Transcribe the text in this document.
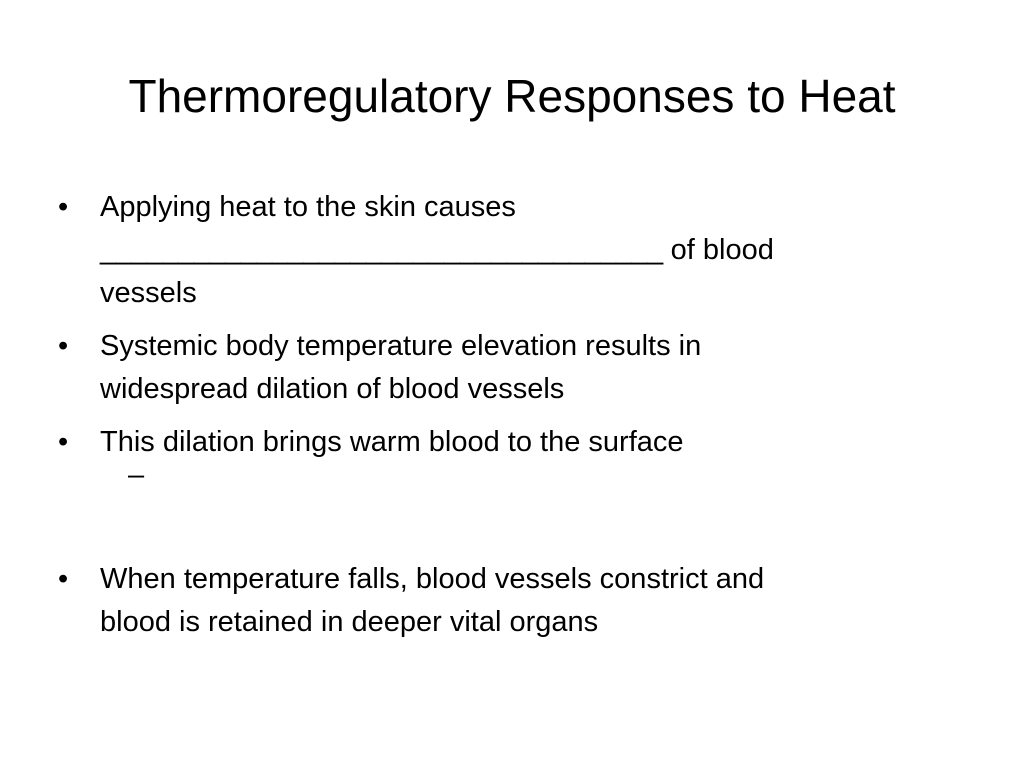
Thermoregulatory Responses to Heat
•	Applying heat to the skin causes
____________________________________ of blood
vessels
•	Systemic body temperature elevation results in
widespread dilation of blood vessels
•	This dilation brings warm blood to the surface
–
•	When temperature falls, blood vessels constrict and
blood is retained in deeper vital organs
